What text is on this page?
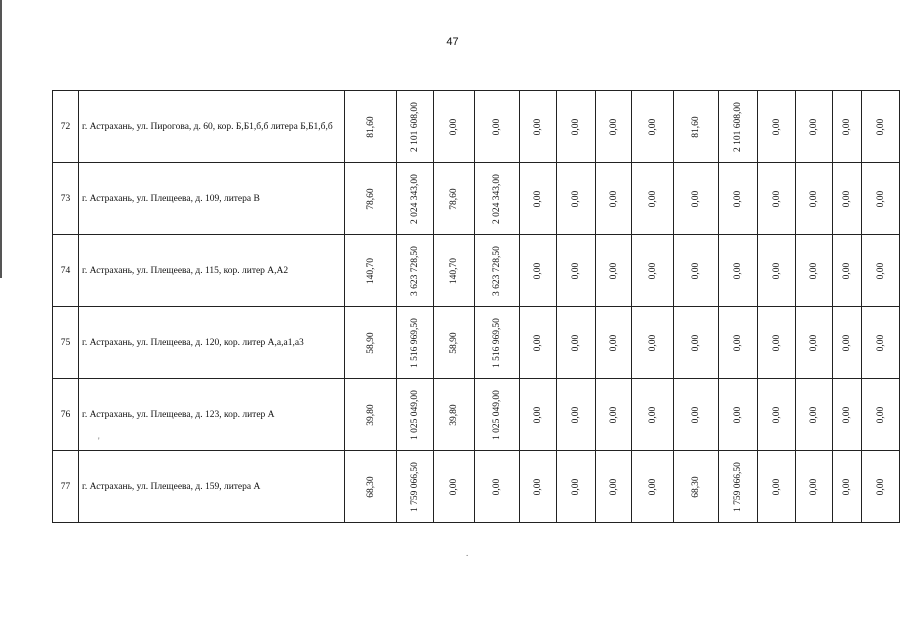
47
'
.
72	г. Астрахань, ул. Пирогова, д. 60, кор. Б,Б1,б,б литера Б,Б1,б,б	81,60	2 101 608,00	0,00	0,00	0,00	0,00	0,00	0,00	81,60	2 101 608,00	0,00	0,00	0,00	0,00

73	г. Астрахань, ул. Плещеева, д. 109, литера В	78,60	2 024 343,00	78,60	2 024 343,00	0,00	0,00	0,00	0,00	0,00	0,00	0,00	0,00	0,00	0,00

74	г. Астрахань, ул. Плещеева, д. 115, кор. литер А,А2	140,70	3 623 728,50	140,70	3 623 728,50	0,00	0,00	0,00	0,00	0,00	0,00	0,00	0,00	0,00	0,00

75	г. Астрахань, ул. Плещеева, д. 120, кор. литер А,а,а1,а3	58,90	1 516 969,50	58,90	1 516 969,50	0,00	0,00	0,00	0,00	0,00	0,00	0,00	0,00	0,00	0,00

76	г. Астрахань, ул. Плещеева, д. 123, кор. литер А	39,80	1 025 049,00	39,80	1 025 049,00	0,00	0,00	0,00	0,00	0,00	0,00	0,00	0,00	0,00	0,00

77	г. Астрахань, ул. Плещеева, д. 159, литера А	68,30	1 759 066,50	0,00	0,00	0,00	0,00	0,00	0,00	68,30	1 759 066,50	0,00	0,00	0,00	0,00
